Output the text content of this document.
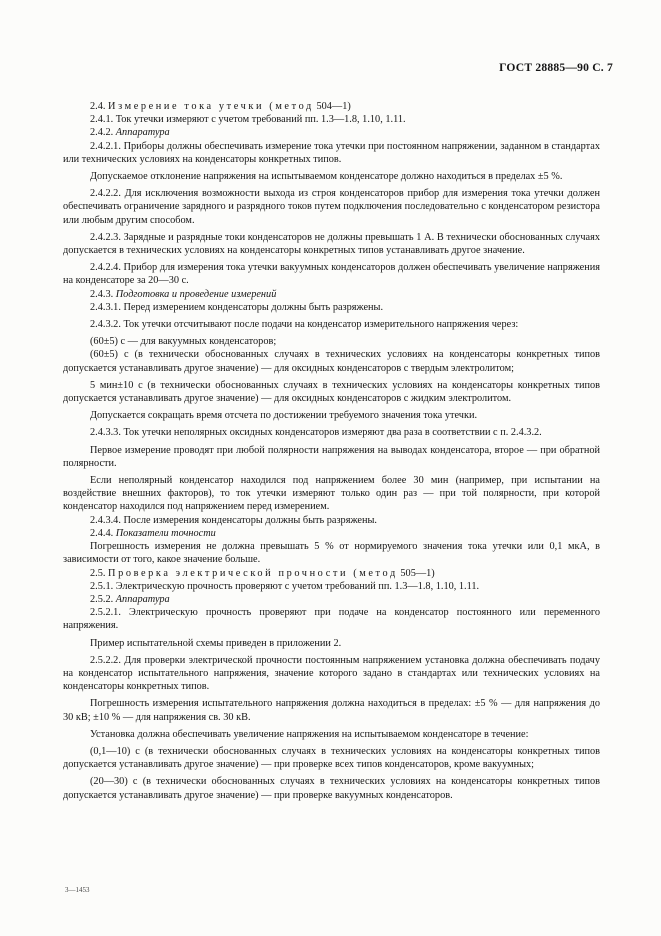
ГОСТ 28885—90 С. 7

2.4. Измерение тока утечки (метод 504—1)

2.4.1. Ток утечки измеряют с учетом требований пп. 1.3—1.8, 1.10, 1.11.

2.4.2. Аппаратура

2.4.2.1. Приборы должны обеспечивать измерение тока утечки при постоянном напряжении, заданном в стандартах или технических условиях на конденсаторы конкретных типов.

Допускаемое отклонение напряжения на испытываемом конденсаторе должно находиться в пределах ±5 %.

2.4.2.2. Для исключения возможности выхода из строя конденсаторов прибор для измерения тока утечки должен обеспечивать ограничение зарядного и разрядного токов путем подключения последовательно с конденсатором резистора или любым другим способом.

2.4.2.3. Зарядные и разрядные токи конденсаторов не должны превышать 1 А. В технически обоснованных случаях допускается в технических условиях на конденсаторы конкретных типов устанавливать другое значение.

2.4.2.4. Прибор для измерения тока утечки вакуумных конденсаторов должен обеспечивать увеличение напряжения на конденсаторе за 20—30 с.

2.4.3. Подготовка и проведение измерений

2.4.3.1. Перед измерением конденсаторы должны быть разряжены.

2.4.3.2. Ток утечки отсчитывают после подачи на конденсатор измерительного напряжения через:

(60±5) с — для вакуумных конденсаторов;

(60±5) с (в технически обоснованных случаях в технических условиях на конденсаторы конкретных типов допускается устанавливать другое значение) — для оксидных конденсаторов с твердым электролитом;

5 мин±10 с (в технически обоснованных случаях в технических условиях на конденсаторы конкретных типов допускается устанавливать другое значение) — для оксидных конденсаторов с жидким электролитом.

Допускается сокращать время отсчета по достижении требуемого значения тока утечки.

2.4.3.3. Ток утечки неполярных оксидных конденсаторов измеряют два раза в соответствии с п. 2.4.3.2.

Первое измерение проводят при любой полярности напряжения на выводах конденсатора, второе — при обратной полярности.

Если неполярный конденсатор находился под напряжением более 30 мин (например, при испытании на воздействие внешних факторов), то ток утечки измеряют только один раз — при той полярности, при которой конденсатор находился под напряжением перед измерением.

2.4.3.4. После измерения конденсаторы должны быть разряжены.

2.4.4. Показатели точности

Погрешность измерения не должна превышать 5 % от нормируемого значения тока утечки или 0,1 мкА, в зависимости от того, какое значение больше.

2.5. Проверка электрической прочности (метод 505—1)

2.5.1. Электрическую прочность проверяют с учетом требований пп. 1.3—1.8, 1.10, 1.11.

2.5.2. Аппаратура

2.5.2.1. Электрическую прочность проверяют при подаче на конденсатор постоянного или переменного напряжения.

Пример испытательной схемы приведен в приложении 2.

2.5.2.2. Для проверки электрической прочности постоянным напряжением установка должна обеспечивать подачу на конденсатор испытательного напряжения, значение которого задано в стандартах или технических условиях на конденсаторы конкретных типов.

Погрешность измерения испытательного напряжения должна находиться в пределах: ±5 % — для напряжения до 30 кВ; ±10 % — для напряжения св. 30 кВ.

Установка должна обеспечивать увеличение напряжения на испытываемом конденсаторе в течение:

(0,1—10) с (в технически обоснованных случаях в технических условиях на конденсаторы конкретных типов допускается устанавливать другое значение) — при проверке всех типов конденсаторов, кроме вакуумных;

(20—30) с (в технически обоснованных случаях в технических условиях на конденсаторы конкретных типов допускается устанавливать другое значение) — при проверке вакуумных конденсаторов.

3—1453
